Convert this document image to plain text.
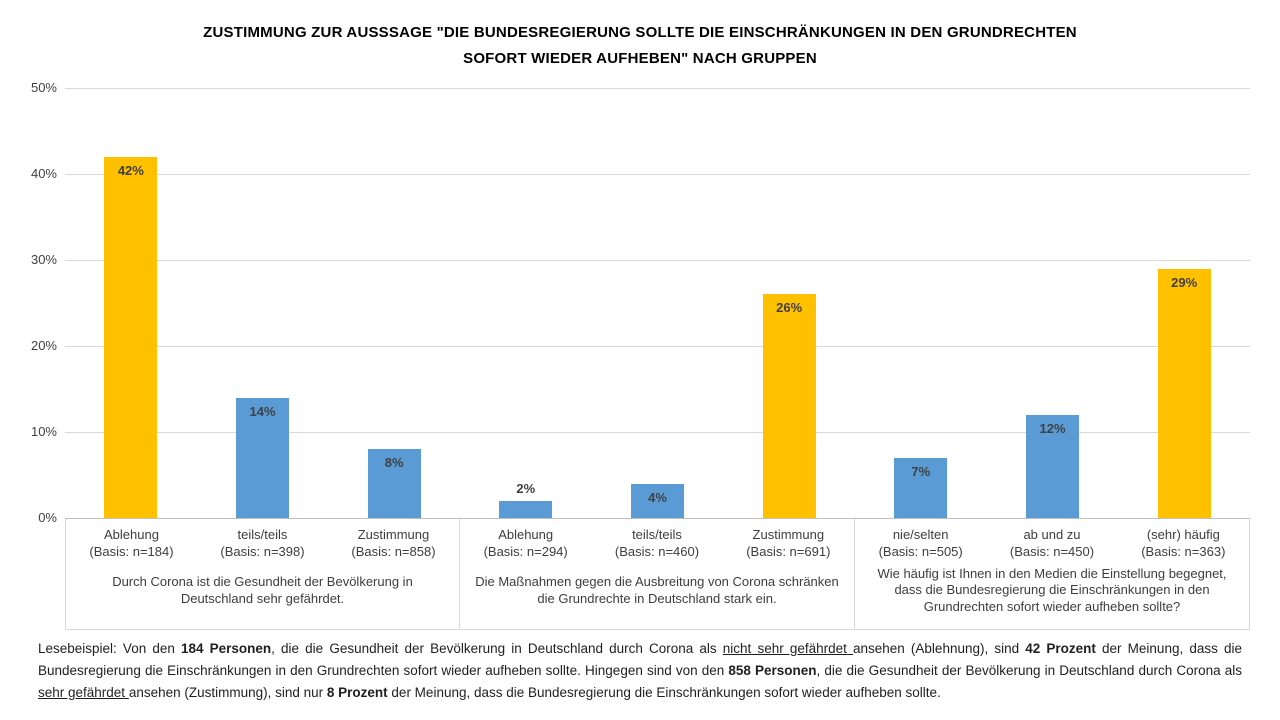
ZUSTIMMUNG ZUR AUSSSAGE "DIE BUNDESREGIERUNG SOLLTE DIE EINSCHRÄNKUNGEN IN DEN GRUNDRECHTEN SOFORT WIEDER AUFHEBEN" NACH GRUPPEN
0%
10%
20%
30%
40%
50%
42%
14%
8%
2%
4%
26%
7%
12%
29%
Ablehung
(Basis: n=184)
teils/teils
(Basis: n=398)
Zustimmung
(Basis: n=858)
Durch Corona ist die Gesundheit der Bevölkerung in Deutschland sehr gefährdet.
Ablehung
(Basis: n=294)
teils/teils
(Basis: n=460)
Zustimmung
(Basis: n=691)
Die Maßnahmen gegen die Ausbreitung von Corona schränken die Grundrechte in Deutschland stark ein.
nie/selten
(Basis: n=505)
ab und zu
(Basis: n=450)
(sehr) häufig
(Basis: n=363)
Wie häufig ist Ihnen in den Medien die Einstellung begegnet, dass die Bundesregierung die Einschränkungen in den Grundrechten sofort wieder aufheben sollte?

Lesebeispiel: Von den 184 Personen, die die Gesundheit der Bevölkerung in Deutschland durch Corona als nicht sehr gefährdet ansehen (Ablehnung), sind 42 Prozent der Meinung, dass die Bundesregierung die Einschränkungen in den Grundrechten sofort wieder aufheben sollte. Hingegen sind von den 858 Personen, die die Gesundheit der Bevölkerung in Deutschland durch Corona als sehr gefährdet ansehen (Zustimmung), sind nur 8 Prozent der Meinung, dass die Bundesregierung die Einschränkungen sofort wieder aufheben sollte.
